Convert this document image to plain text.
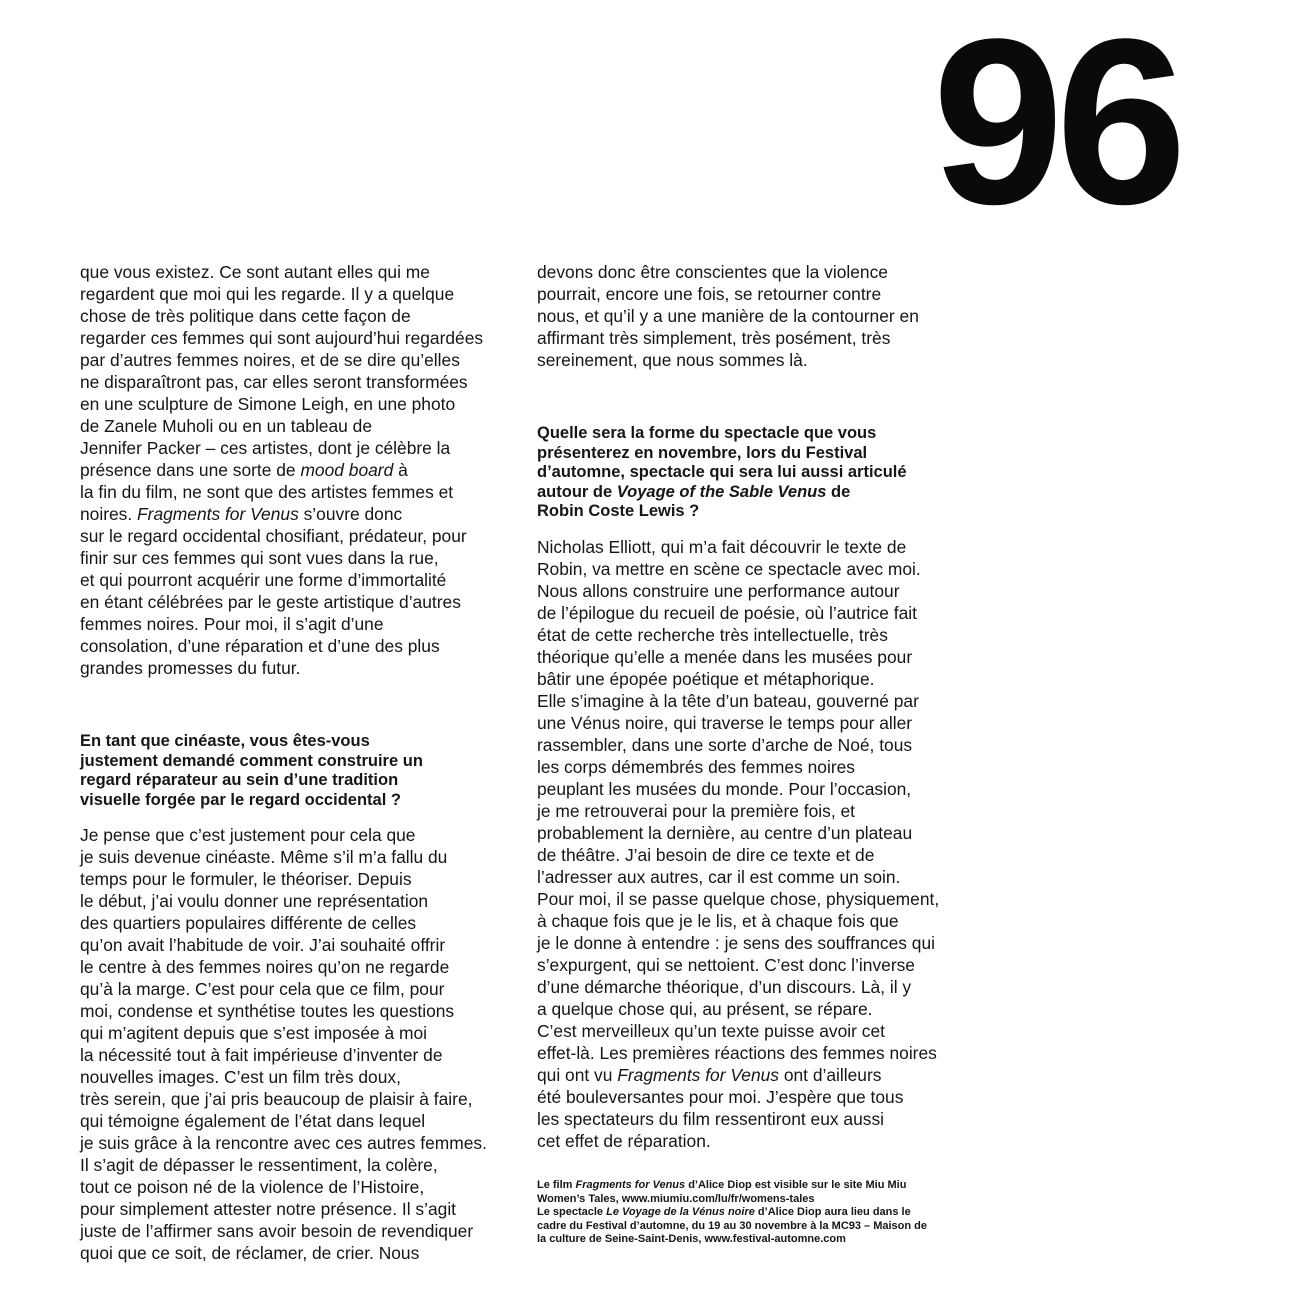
96
que vous existez. Ce sont autant elles qui me
regardent que moi qui les regarde. Il y a quelque
chose de très politique dans cette façon de
regarder ces femmes qui sont aujourd’hui regardées
par d’autres femmes noires, et de se dire qu’elles
ne disparaîtront pas, car elles seront transformées
en une sculpture de Simone Leigh, en une photo
de Zanele Muholi ou en un tableau de
Jennifer Packer – ces artistes, dont je célèbre la
présence dans une sorte de mood board à
la fin du film, ne sont que des artistes femmes et
noires. Fragments for Venus s’ouvre donc
sur le regard occidental chosifiant, prédateur, pour
finir sur ces femmes qui sont vues dans la rue,
et qui pourront acquérir une forme d’immortalité
en étant célébrées par le geste artistique d’autres
femmes noires. Pour moi, il s’agit d’une
consolation, d’une réparation et d’une des plus
grandes promesses du futur.
En tant que cinéaste, vous êtes-vous
justement demandé comment construire un
regard réparateur au sein d’une tradition
visuelle forgée par le regard occidental ?
Je pense que c’est justement pour cela que
je suis devenue cinéaste. Même s’il m’a fallu du
temps pour le formuler, le théoriser. Depuis
le début, j’ai voulu donner une représentation
des quartiers populaires différente de celles
qu’on avait l’habitude de voir. J’ai souhaité offrir
le centre à des femmes noires qu’on ne regarde
qu’à la marge. C’est pour cela que ce film, pour
moi, condense et synthétise toutes les questions
qui m’agitent depuis que s’est imposée à moi
la nécessité tout à fait impérieuse d’inventer de
nouvelles images. C’est un film très doux,
très serein, que j’ai pris beaucoup de plaisir à faire,
qui témoigne également de l’état dans lequel
je suis grâce à la rencontre avec ces autres femmes.
Il s’agit de dépasser le ressentiment, la colère,
tout ce poison né de la violence de l’Histoire,
pour simplement attester notre présence. Il s’agit
juste de l’affirmer sans avoir besoin de revendiquer
quoi que ce soit, de réclamer, de crier. Nous
devons donc être conscientes que la violence
pourrait, encore une fois, se retourner contre
nous, et qu’il y a une manière de la contourner en
affirmant très simplement, très posément, très
sereinement, que nous sommes là.
Quelle sera la forme du spectacle que vous
présenterez en novembre, lors du Festival
d’automne, spectacle qui sera lui aussi articulé
autour de Voyage of the Sable Venus de
Robin Coste Lewis ?
Nicholas Elliott, qui m’a fait découvrir le texte de
Robin, va mettre en scène ce spectacle avec moi.
Nous allons construire une performance autour
de l’épilogue du recueil de poésie, où l’autrice fait
état de cette recherche très intellectuelle, très
théorique qu’elle a menée dans les musées pour
bâtir une épopée poétique et métaphorique.
Elle s’imagine à la tête d’un bateau, gouverné par
une Vénus noire, qui traverse le temps pour aller
rassembler, dans une sorte d’arche de Noé, tous
les corps démembrés des femmes noires
peuplant les musées du monde. Pour l’occasion,
je me retrouverai pour la première fois, et
probablement la dernière, au centre d’un plateau
de théâtre. J’ai besoin de dire ce texte et de
l’adresser aux autres, car il est comme un soin.
Pour moi, il se passe quelque chose, physiquement,
à chaque fois que je le lis, et à chaque fois que
je le donne à entendre : je sens des souffrances qui
s’expurgent, qui se nettoient. C’est donc l’inverse
d’une démarche théorique, d’un discours. Là, il y
a quelque chose qui, au présent, se répare.
C’est merveilleux qu’un texte puisse avoir cet
effet-là. Les premières réactions des femmes noires
qui ont vu Fragments for Venus ont d’ailleurs
été bouleversantes pour moi. J’espère que tous
les spectateurs du film ressentiront eux aussi
cet effet de réparation.
Le film Fragments for Venus d’Alice Diop est visible sur le site Miu Miu
Women’s Tales, www.miumiu.com/lu/fr/womens-tales
Le spectacle Le Voyage de la Vénus noire d’Alice Diop aura lieu dans le
cadre du Festival d’automne, du 19 au 30 novembre à la MC93 – Maison de
la culture de Seine-Saint-Denis, www.festival-automne.com
